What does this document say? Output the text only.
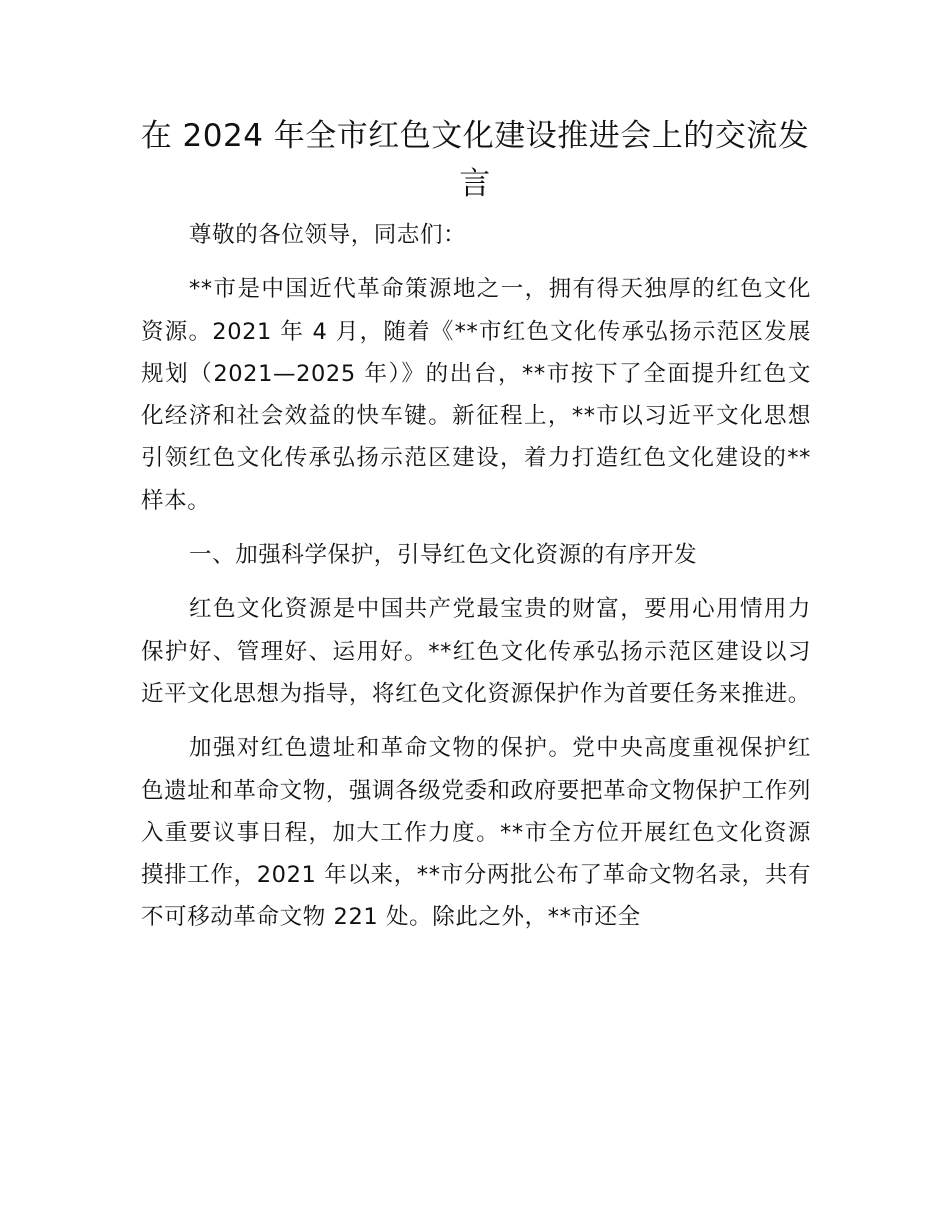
在 2024 年全市红色文化建设推进会上的交流发言

尊敬的各位领导，同志们：

**市是中国近代革命策源地之一，拥有得天独厚的红色文化资源。2021 年 4 月，随着《**市红色文化传承弘扬示范区发展规划（2021—2025 年）》的出台，**市按下了全面提升红色文化经济和社会效益的快车键。新征程上，**市以习近平文化思想引领红色文化传承弘扬示范区建设，着力打造红色文化建设的**样本。

一、加强科学保护，引导红色文化资源的有序开发

红色文化资源是中国共产党最宝贵的财富，要用心用情用力保护好、管理好、运用好。**红色文化传承弘扬示范区建设以习近平文化思想为指导，将红色文化资源保护作为首要任务来推进。

加强对红色遗址和革命文物的保护。党中央高度重视保护红色遗址和革命文物，强调各级党委和政府要把革命文物保护工作列入重要议事日程，加大工作力度。**市全方位开展红色文化资源摸排工作，2021 年以来，**市分两批公布了革命文物名录，共有不可移动革命文物 221 处。除此之外，**市还全
